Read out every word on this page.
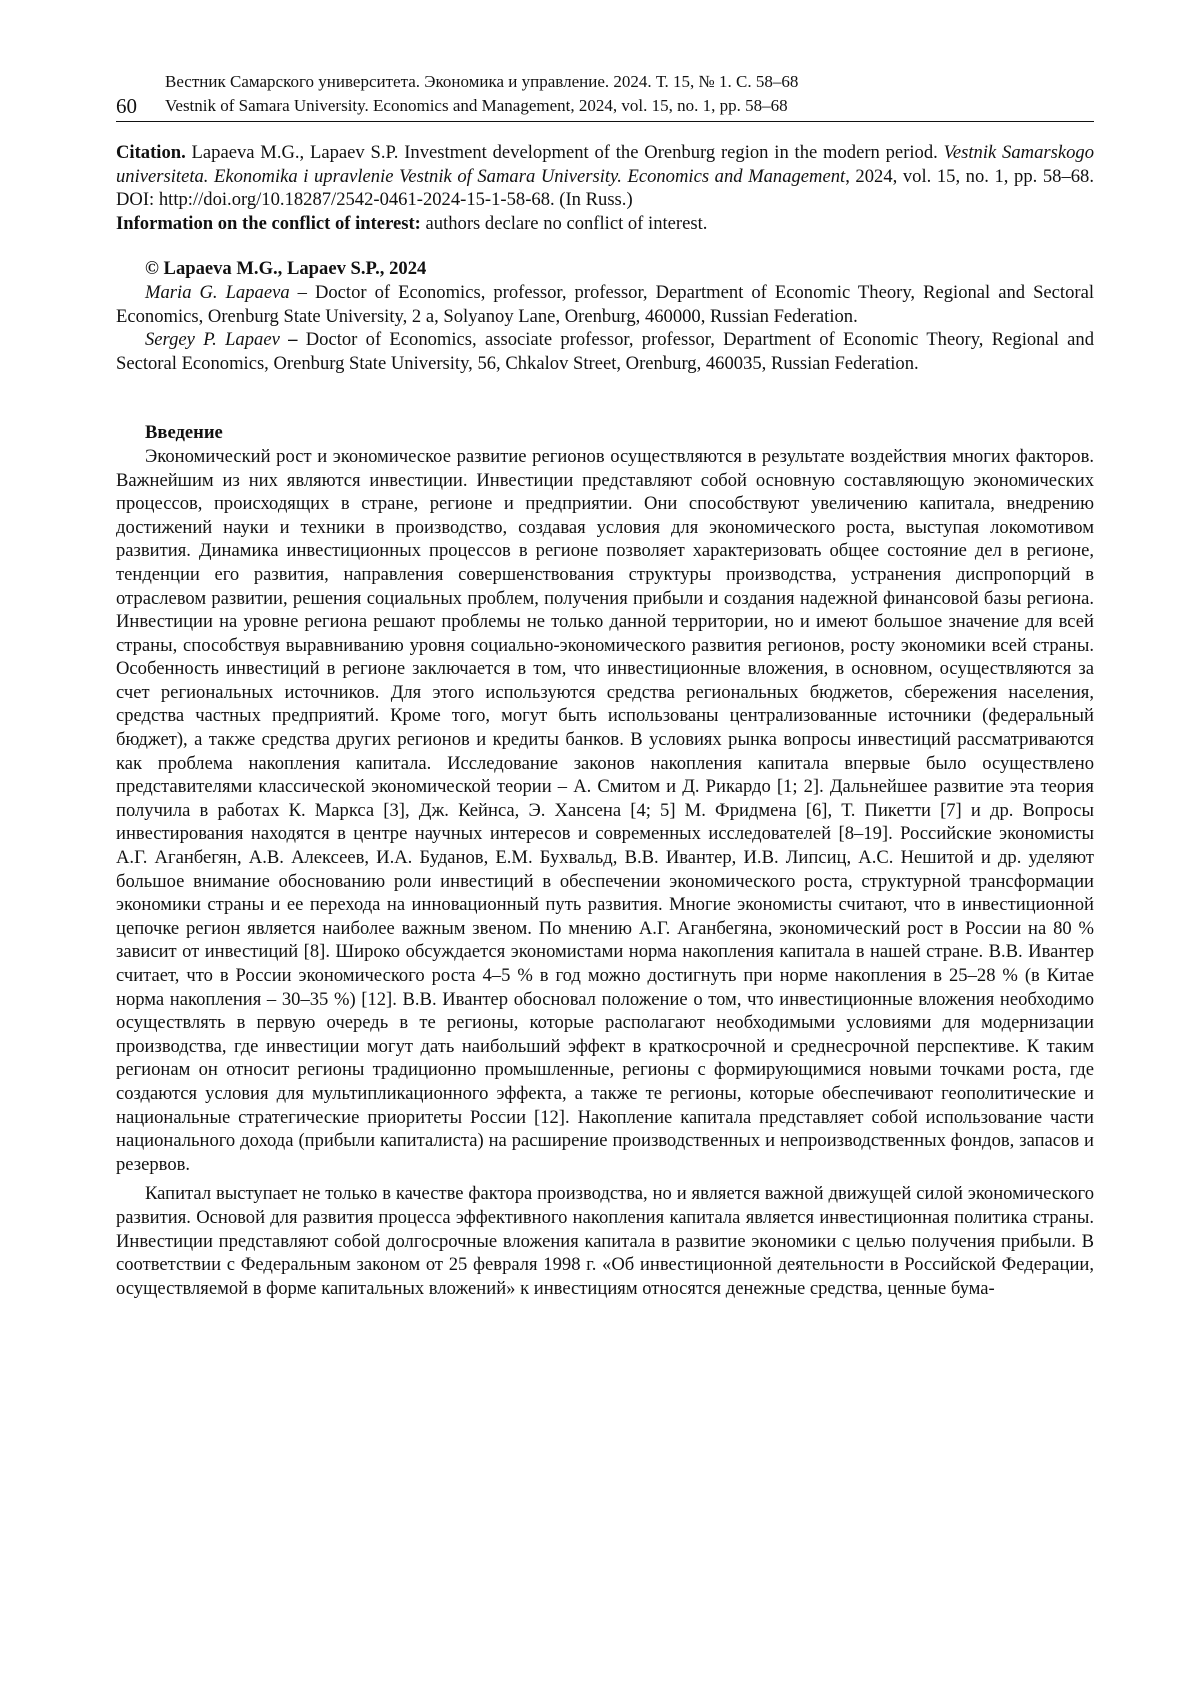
Вестник Самарского университета. Экономика и управление. 2024. Т. 15, № 1. С. 58–68
60	Vestnik of Samara University. Economics and Management, 2024, vol. 15, no. 1, pp. 58–68

Citation. Lapaeva M.G., Lapaev S.P. Investment development of the Orenburg region in the modern period. Vestnik Samarskogo universiteta. Ekonomika i upravlenie Vestnik of Samara University. Economics and Management, 2024, vol. 15, no. 1, pp. 58–68. DOI: http://doi.org/10.18287/2542-0461-2024-15-1-58-68. (In Russ.)

Information on the conflict of interest: authors declare no conflict of interest.

© Lapaeva M.G., Lapaev S.P., 2024

Maria G. Lapaeva – Doctor of Economics, professor, professor, Department of Economic Theory, Regional and Sectoral Economics, Orenburg State University, 2 a, Solyanoy Lane, Orenburg, 460000, Russian Federation.

Sergey P. Lapaev – Doctor of Economics, associate professor, professor, Department of Economic Theory, Regional and Sectoral Economics, Orenburg State University, 56, Chkalov Street, Orenburg, 460035, Russian Federation.

Введение

Экономический рост и экономическое развитие регионов осуществляются в результате воздействия многих факторов. Важнейшим из них являются инвестиции. Инвестиции представляют собой основную составляющую экономических процессов, происходящих в стране, регионе и предприятии. Они способствуют увеличению капитала, внедрению достижений науки и техники в производство, создавая условия для экономического роста, выступая локомотивом развития. Динамика инвестиционных процессов в регионе позволяет характеризовать общее состояние дел в регионе, тенденции его развития, направления совершенствования структуры производства, устранения диспропорций в отраслевом развитии, решения социальных проблем, получения прибыли и создания надежной финансовой базы региона. Инвестиции на уровне региона решают проблемы не только данной территории, но и имеют большое значение для всей страны, способствуя выравниванию уровня социально-экономического развития регионов, росту экономики всей страны. Особенность инвестиций в регионе заключается в том, что инвестиционные вложения, в основном, осуществляются за счет региональных источников. Для этого используются средства региональных бюджетов, сбережения населения, средства частных предприятий. Кроме того, могут быть использованы централизованные источники (федеральный бюджет), а также средства других регионов и кредиты банков. В условиях рынка вопросы инвестиций рассматриваются как проблема накопления капитала. Исследование законов накопления капитала впервые было осуществлено представителями классической экономической теории – А. Смитом и Д. Рикардо [1; 2]. Дальнейшее развитие эта теория получила в работах К. Маркса [3], Дж. Кейнса, Э. Хансена [4; 5] М. Фридмена [6], Т. Пикетти [7] и др. Вопросы инвестирования находятся в центре научных интересов и современных исследователей [8–19]. Российские экономисты А.Г. Аганбегян, А.В. Алексеев, И.А. Буданов, Е.М. Бухвальд, В.В. Ивантер, И.В. Липсиц, А.С. Нешитой и др. уделяют большое внимание обоснованию роли инвестиций в обеспечении экономического роста, структурной трансформации экономики страны и ее перехода на инновационный путь развития. Многие экономисты считают, что в инвестиционной цепочке регион является наиболее важным звеном. По мнению А.Г. Аганбегяна, экономический рост в России на 80 % зависит от инвестиций [8]. Широко обсуждается экономистами норма накопления капитала в нашей стране. В.В. Ивантер считает, что в России экономического роста 4–5 % в год можно достигнуть при норме накопления в 25–28 % (в Китае норма накопления – 30–35 %) [12]. В.В. Ивантер обосновал положение о том, что инвестиционные вложения необходимо осуществлять в первую очередь в те регионы, которые располагают необходимыми условиями для модернизации производства, где инвестиции могут дать наибольший эффект в краткосрочной и среднесрочной перспективе. К таким регионам он относит регионы традиционно промышленные, регионы с формирующимися новыми точками роста, где создаются условия для мультипликационного эффекта, а также те регионы, которые обеспечивают геополитические и национальные стратегические приоритеты России [12]. Накопление капитала представляет собой использование части национального дохода (прибыли капиталиста) на расширение производственных и непроизводственных фондов, запасов и резервов.

Капитал выступает не только в качестве фактора производства, но и является важной движущей силой экономического развития. Основой для развития процесса эффективного накопления капитала является инвестиционная политика страны. Инвестиции представляют собой долгосрочные вложения капитала в развитие экономики с целью получения прибыли. В соответствии с Федеральным законом от 25 февраля 1998 г. «Об инвестиционной деятельности в Российской Федерации, осуществляемой в форме капитальных вложений» к инвестициям относятся денежные средства, ценные бума-
